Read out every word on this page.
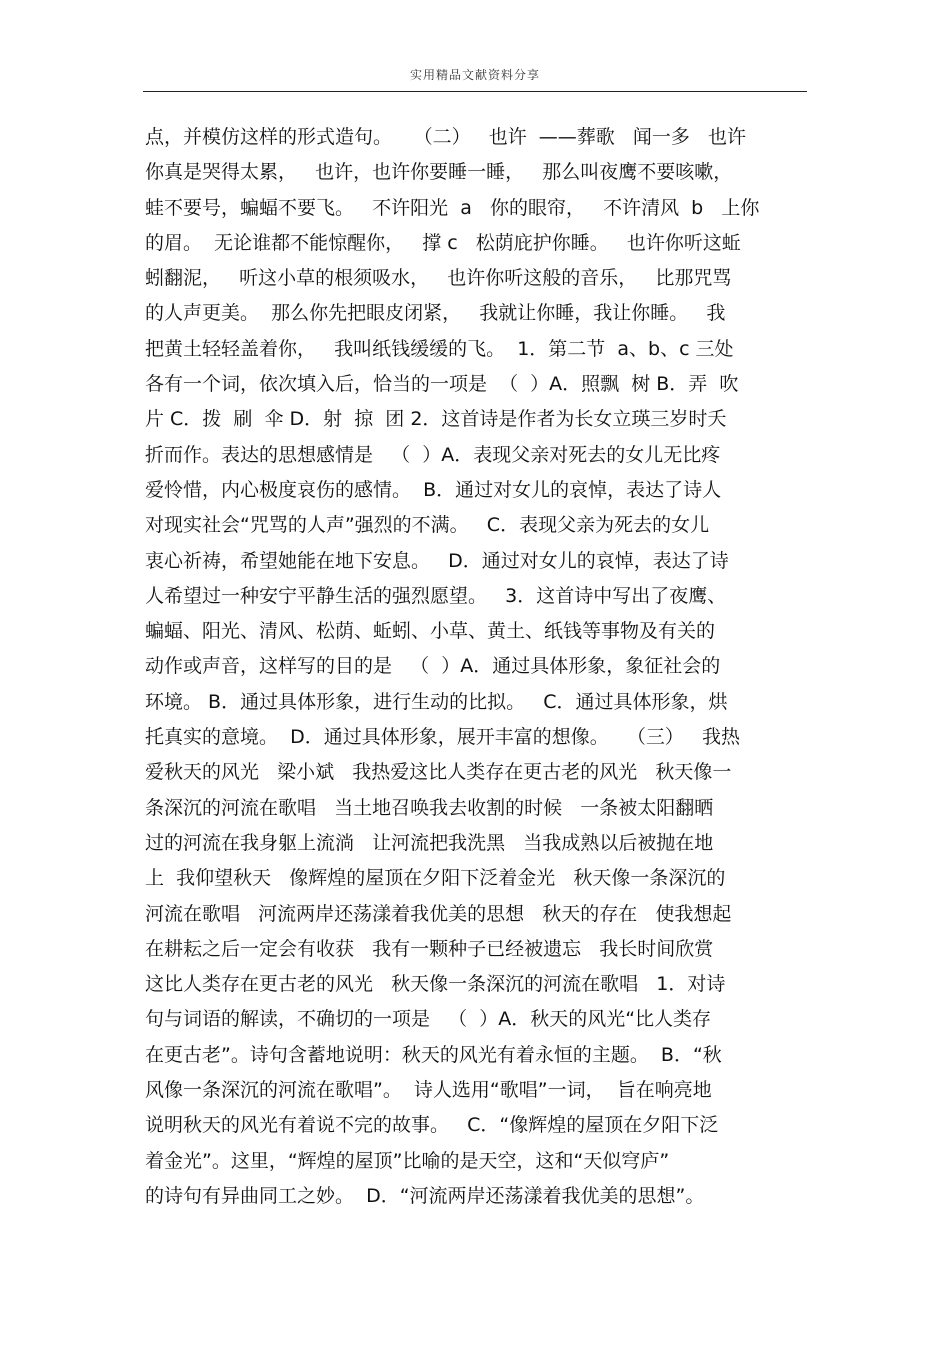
实用精品文献资料分享
点，并模仿这样的形式造句。　  （二）   也许  ——葬歌   闻一多   也许
你真是哭得太累，   也许，也许你要睡一睡，   那么叫夜鹰不要咳嗽，
蛙不要号，蝙蝠不要飞。   不许阳光  a   你的眼帘，   不许清风  b   上你
的眉。  无论谁都不能惊醒你，   撑 c   松荫庇护你睡。   也许你听这蚯
蚓翻泥，   听这小草的根须吸水，   也许你听这般的音乐，   比那咒骂
的人声更美。  那么你先把眼皮闭紧，   我就让你睡，我让你睡。   我
把黄土轻轻盖着你，   我叫纸钱缓缓的飞。  1．第二节  a、b、c 三处
各有一个词，依次填入后，恰当的一项是  （  ）A．照飘  树 B．弄  吹
片 C．拨  刷  伞 D．射  掠  团 2．这首诗是作者为长女立瑛三岁时夭
折而作。表达的思想感情是   （  ）A．表现父亲对死去的女儿无比疼
爱怜惜，内心极度哀伤的感情。  B．通过对女儿的哀悼，表达了诗人
对现实社会“咒骂的人声”强烈的不满。   C．表现父亲为死去的女儿
衷心祈祷，希望她能在地下安息。   D．通过对女儿的哀悼，表达了诗
人希望过一种安宁平静生活的强烈愿望。   3．这首诗中写出了夜鹰、
蝙蝠、阳光、清风、松荫、蚯蚓、小草、黄土、纸钱等事物及有关的
动作或声音，这样写的目的是   （  ）A．通过具体形象，象征社会的
环境。 B．通过具体形象，进行生动的比拟。   C．通过具体形象，烘
托真实的意境。  D．通过具体形象，展开丰富的想像。   （三）   我热
爱秋天的风光   梁小斌   我热爱这比人类存在更古老的风光   秋天像一
条深沉的河流在歌唱   当土地召唤我去收割的时候   一条被太阳翻晒
过的河流在我身躯上流淌   让河流把我洗黑   当我成熟以后被抛在地
上  我仰望秋天   像辉煌的屋顶在夕阳下泛着金光   秋天像一条深沉的
河流在歌唱   河流两岸还荡漾着我优美的思想   秋天的存在   使我想起
在耕耘之后一定会有收获   我有一颗种子已经被遗忘   我长时间欣赏
这比人类存在更古老的风光   秋天像一条深沉的河流在歌唱   1．对诗
句与词语的解读，不确切的一项是   （  ）A．秋天的风光“比人类存
在更古老”。诗句含蓄地说明：秋天的风光有着永恒的主题。  B．“秋
风像一条深沉的河流在歌唱”。  诗人选用“歌唱”一词，  旨在响亮地
说明秋天的风光有着说不完的故事。   C．“像辉煌的屋顶在夕阳下泛
着金光”。这里，“辉煌的屋顶”比喻的是天空，这和“天似穹庐”
的诗句有异曲同工之妙。  D．“河流两岸还荡漾着我优美的思想”。
